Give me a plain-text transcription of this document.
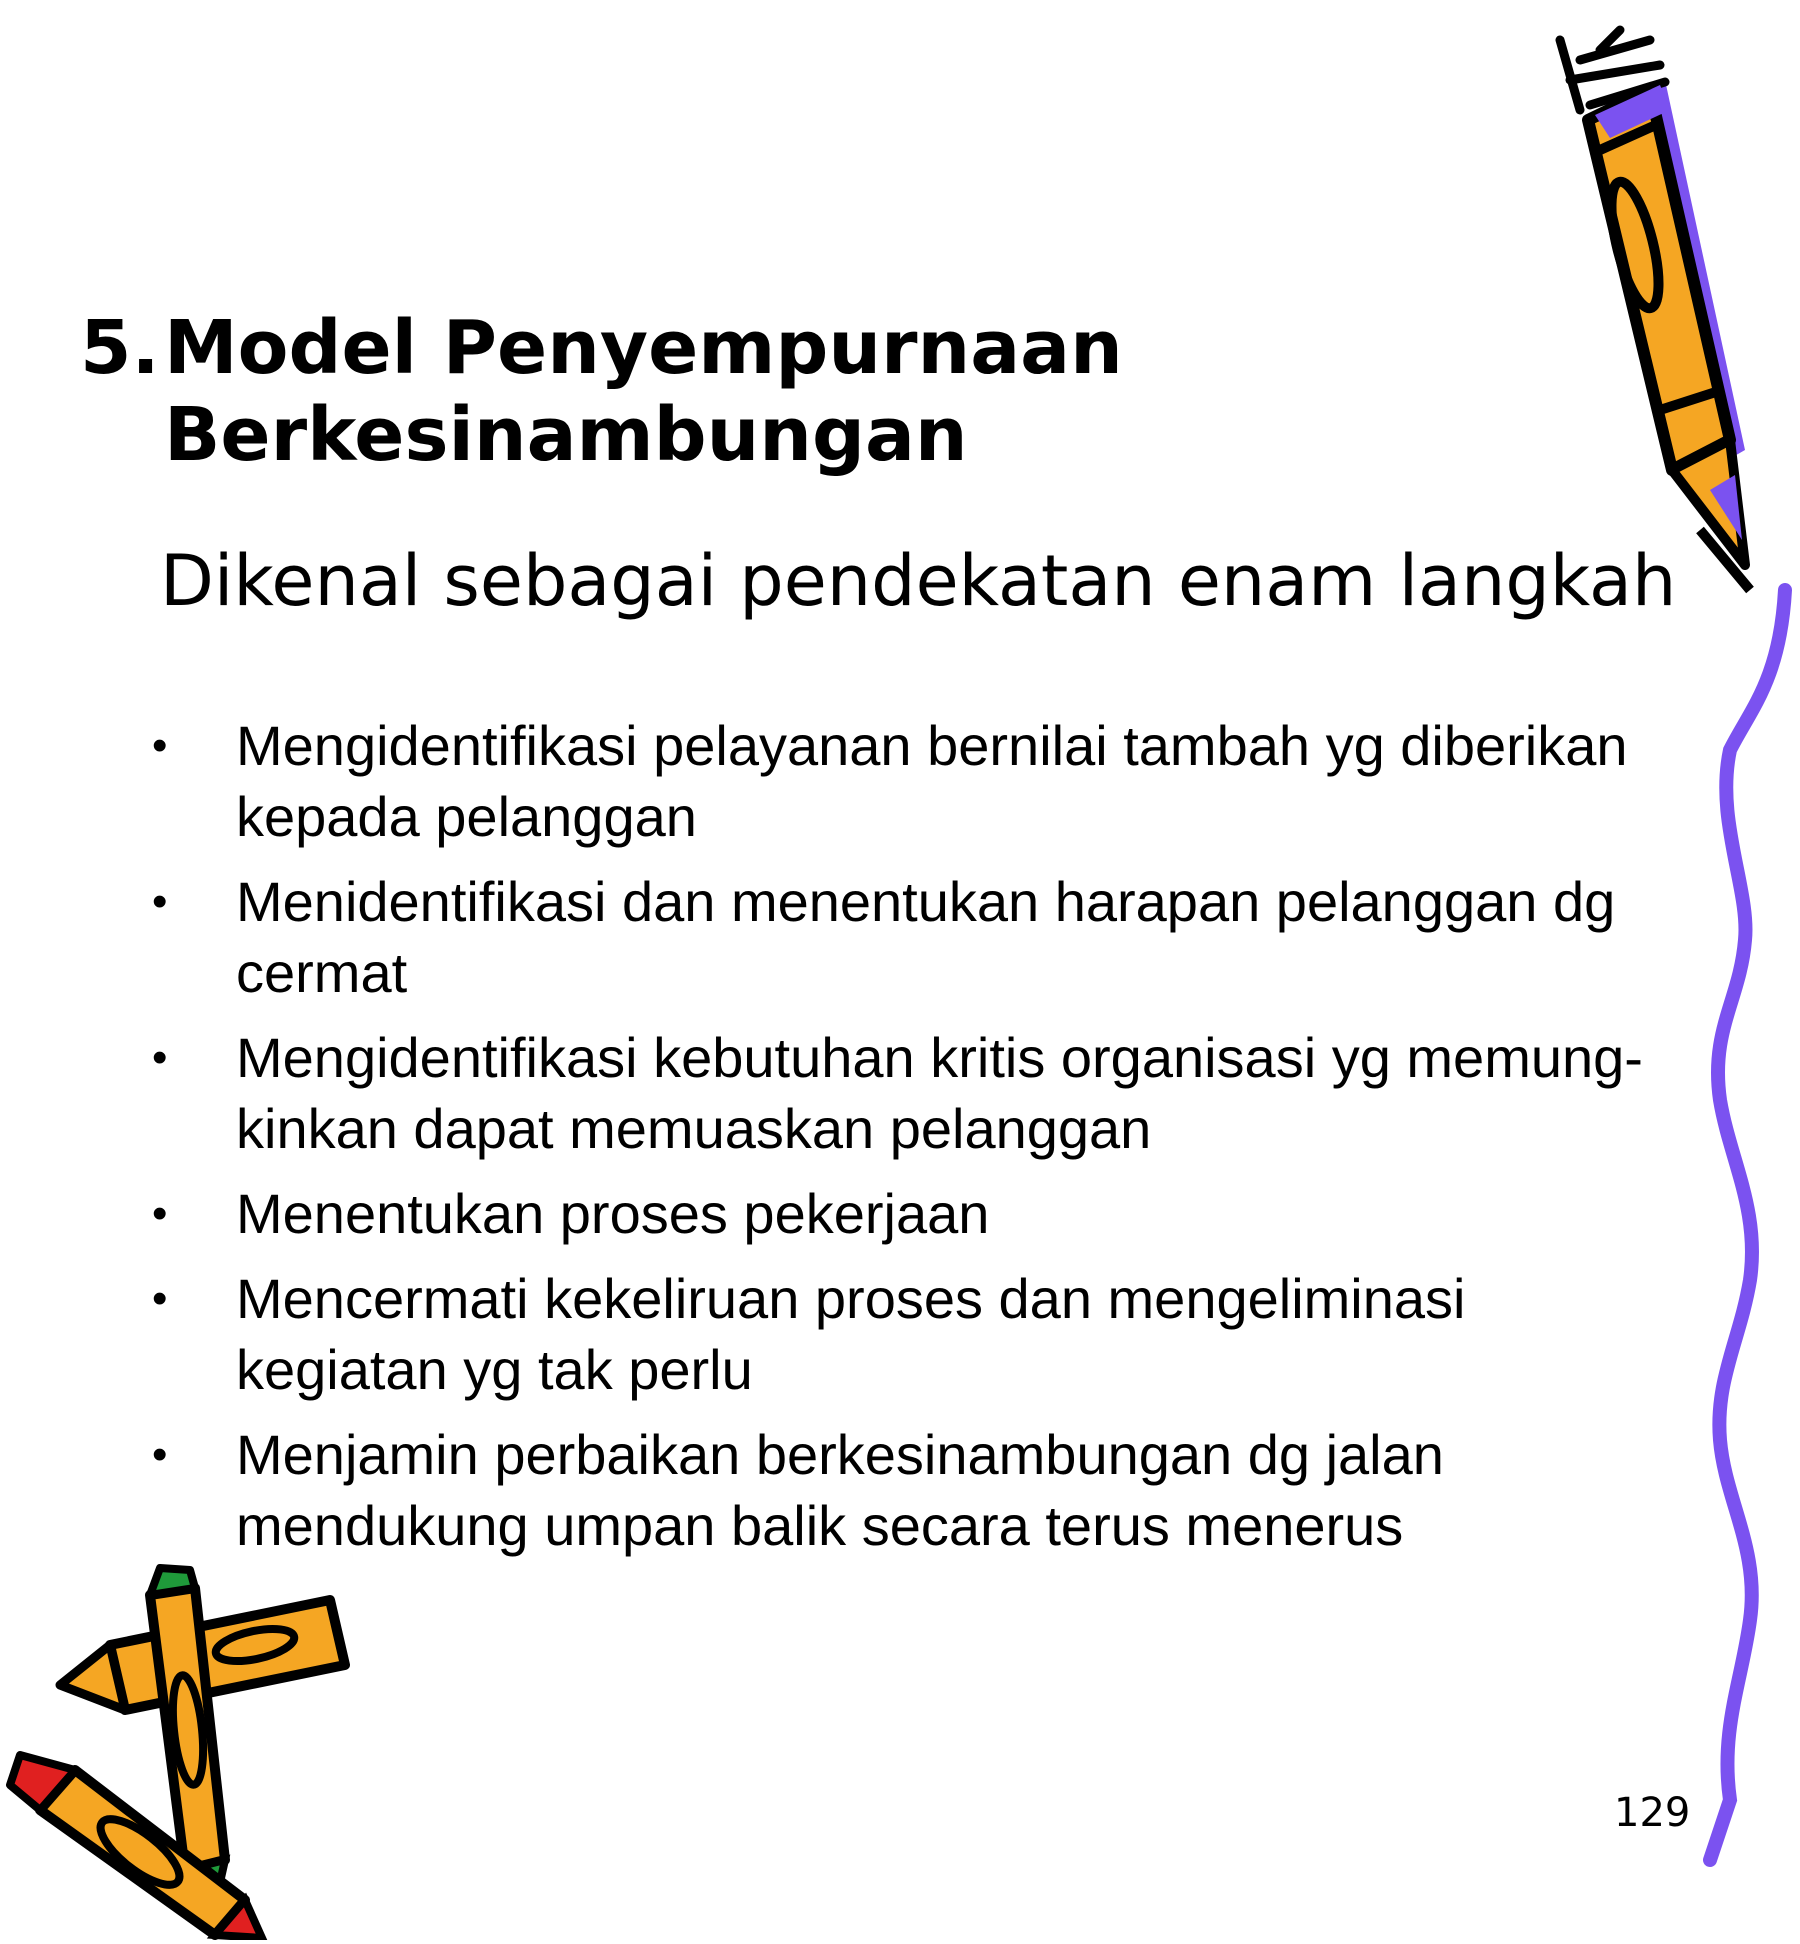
5.Model Penyempurnaan
Berkesinambungan

Dikenal sebagai pendekatan enam langkah

• Mengidentifikasi pelayanan bernilai tambah yg diberikan kepada pelanggan
• Menidentifikasi dan menentukan harapan pelanggan dg cermat
• Mengidentifikasi kebutuhan kritis organisasi yg memung-kinkan dapat memuaskan pelanggan
• Menentukan proses pekerjaan
• Mencermati kekeliruan proses dan mengeliminasi kegiatan yg tak perlu
• Menjamin perbaikan berkesinambungan dg jalan mendukung umpan balik secara terus menerus
129
